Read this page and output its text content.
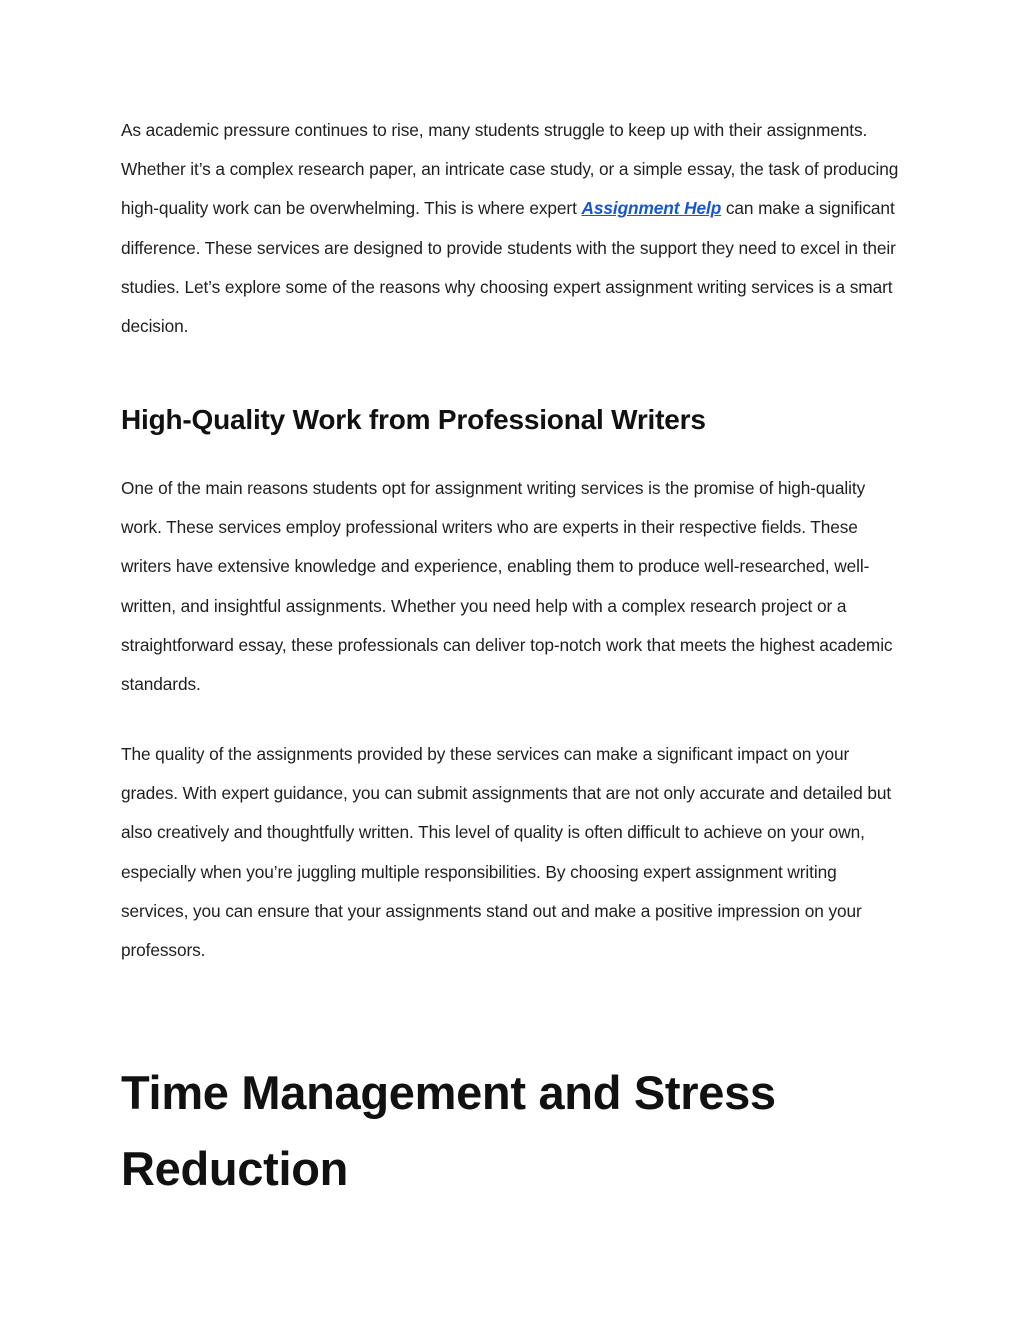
As academic pressure continues to rise, many students struggle to keep up with their assignments. Whether it’s a complex research paper, an intricate case study, or a simple essay, the task of producing high-quality work can be overwhelming. This is where expert Assignment Help can make a significant difference. These services are designed to provide students with the support they need to excel in their studies. Let’s explore some of the reasons why choosing expert assignment writing services is a smart decision.

High-Quality Work from Professional Writers

One of the main reasons students opt for assignment writing services is the promise of high-quality work. These services employ professional writers who are experts in their respective fields. These writers have extensive knowledge and experience, enabling them to produce well-researched, well-written, and insightful assignments. Whether you need help with a complex research project or a straightforward essay, these professionals can deliver top-notch work that meets the highest academic standards.

The quality of the assignments provided by these services can make a significant impact on your grades. With expert guidance, you can submit assignments that are not only accurate and detailed but also creatively and thoughtfully written. This level of quality is often difficult to achieve on your own, especially when you’re juggling multiple responsibilities. By choosing expert assignment writing services, you can ensure that your assignments stand out and make a positive impression on your professors.

Time Management and Stress Reduction
